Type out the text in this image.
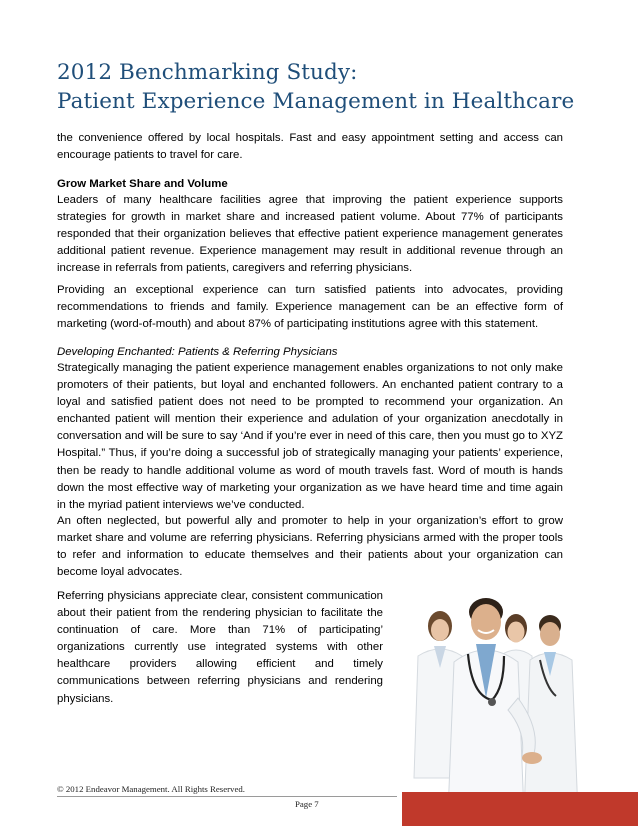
2012 Benchmarking Study:
Patient Experience Management in Healthcare
the convenience offered by local hospitals. Fast and easy appointment setting and access can encourage patients to travel for care.
Grow Market Share and Volume
Leaders of many healthcare facilities agree that improving the patient experience supports strategies for growth in market share and increased patient volume. About 77% of participants responded that their organization believes that effective patient experience management generates additional patient revenue. Experience management may result in additional revenue through an increase in referrals from patients, caregivers and referring physicians.
Providing an exceptional experience can turn satisfied patients into advocates, providing recommendations to friends and family. Experience management can be an effective form of marketing (word-of-mouth) and about 87% of participating institutions agree with this statement.
Developing Enchanted: Patients & Referring Physicians
Strategically managing the patient experience management enables organizations to not only make promoters of their patients, but loyal and enchanted followers. An enchanted patient contrary to a loyal and satisfied patient does not need to be prompted to recommend your organization. An enchanted patient will mention their experience and adulation of your organization anecdotally in conversation and will be sure to say ‘And if you’re ever in need of this care, then you must go to XYZ Hospital.” Thus, if you’re doing a successful job of strategically managing your patients’ experience, then be ready to handle additional volume as word of mouth travels fast. Word of mouth is hands down the most effective way of marketing your organization as we have heard time and time again in the myriad patient interviews we’ve conducted.
An often neglected, but powerful ally and promoter to help in your organization’s effort to grow market share and volume are referring physicians. Referring physicians armed with the proper tools to refer and information to educate themselves and their patients about your organization can become loyal advocates.
Referring physicians appreciate clear, consistent communication about their patient from the rendering physician to facilitate the continuation of care. More than 71% of participating’ organizations currently use integrated systems with other healthcare providers allowing efficient and timely communications between referring physicians and rendering physicians.
© 2012 Endeavor Management. All Rights Reserved.
Page 7
